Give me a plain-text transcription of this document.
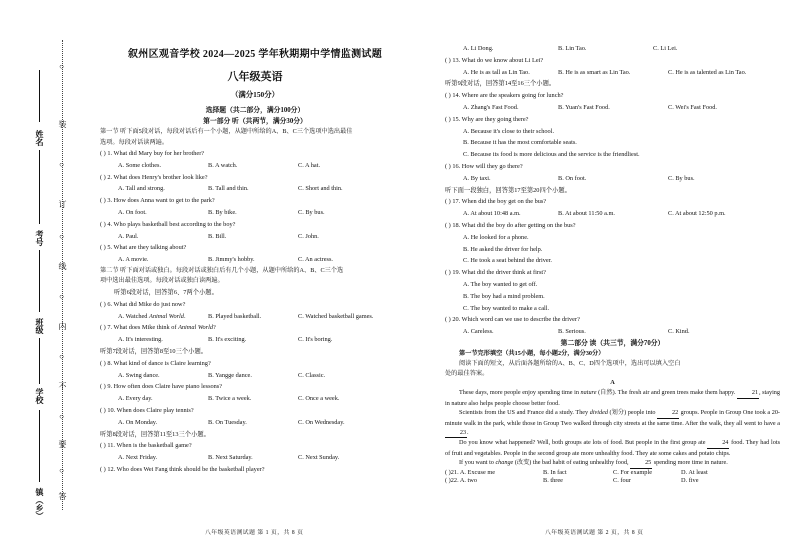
○
装
○
订
○
线
○
内
○
不
○
要
○
答
姓名
考号
班级
学校
镇（乡）
叙州区观音学校 2024—2025 学年秋期期中学情监测试题
八年级英语
（满分150分）
选择题（共二部分，满分100分）
第一部分 听（共两节，满分30分）
第一节 听下面5段对话，每段对话后有一个小题，从题中所给的A、B、C三个选项中选出最佳
选项。每段对话读两遍。
( ) 1. What did Mary buy for her brother?
A. Some clothes.	B. A watch.	C. A hat.
( ) 2. What does Henry's brother look like?
A. Tall and strong.	B. Tall and thin.	C. Short and thin.
( ) 3. How does Anna want to get to the park?
A. On foot.	B. By bike.	C. By bus.
( ) 4. Who plays basketball best according to the boy?
A. Paul.	B. Bill.	C. John.
( ) 5. What are they talking about?
A. A movie.	B. Jimmy's hobby.	C. An actress.
第二节 听下面对话或独白。每段对话或独白后有几个小题，从题中所给的A、B、C三个选
项中选出最佳选项。每段对话或独白读两遍。
听第6段对话，回答第6、7两个小题。
( ) 6. What did Mike do just now?
A. Watched Animal World.	B. Played basketball.	C. Watched basketball games.
( ) 7. What does Mike think of Animal World?
A. It's interesting.	B. It's exciting.	C. It's boring.
听第7段对话，回答第8至10三个小题。
( ) 8. What kind of dance is Claire learning?
A. Swing dance.	B. Yangge dance.	C. Classic.
( ) 9. How often does Claire have piano lessons?
A. Every day.	B. Twice a week.	C. Once a week.
( ) 10. When does Claire play tennis?
A. On Monday.	B. On Tuesday.	C. On Wednesday.
听第8段对话，回答第11至13三个小题。
( ) 11. When is the basketball game?
A. Next Friday.	B. Next Saturday.	C. Next Sunday.
( ) 12. Who does Wei Fang think should be the basketball player?
八年级英语测试题 第 1 页，共 8 页
A. Li Dong.	B. Lin Tao.	C. Li Lei.
( ) 13. What do we know about Li Lei?
A. He is as tall as Lin Tao.	B. He is as smart as Lin Tao.	C. He is as talented as Lin Tao.
听第9段对话，回答第14至16三个小题。
( ) 14. Where are the speakers going for lunch?
A. Zhang's Fast Food.	B. Yuan's Fast Food.	C. Wei's Fast Food.
( ) 15. Why are they going there?
A. Because it's close to their school.
B. Because it has the most comfortable seats.
C. Because its food is more delicious and the service is the friendliest.
( ) 16. How will they go there?
A. By taxi.	B. On foot.	C. By bus.
听下面一段独白，回答第17至第20四个小题。
( ) 17. When did the boy get on the bus?
A. At about 10:48 a.m.	B. At about 11:50 a.m.	C. At about 12:50 p.m.
( ) 18. What did the boy do after getting on the bus?
A. He looked for a phone.
B. He asked the driver for help.
C. He took a seat behind the driver.
( ) 19. What did the driver think at first?
A. The boy wanted to get off.
B. The boy had a mind problem.
C. The boy wanted to make a call.
( ) 20. Which word can we use to describe the driver?
A. Careless.	B. Serious.	C. Kind.
第二部分 读（共三节，满分70分）
第一节完形填空（共15小题，每小题2分，满分30分）
阅读下面的短文，从后面各题所给的A、B、C、D四个选项中，选出可以填入空白
处的最佳答案。
A

These days, more people enjoy spending time in nature (自然). The fresh air and green trees make them happy. 21, staying in nature also helps people choose better food.

Scientists from the US and France did a study. They divided (划分) people into 22 groups. People in Group One took a 20-minute walk in the park, while those in Group Two walked through city streets at the same time. After the walk, they all went to have a 23.

Do you know what happened? Well, both groups ate lots of food. But people in the first group ate 24 food. They had lots of fruit and vegetables. People in the second group ate more unhealthy food. They ate some cakes and potato chips.

If you want to change (改变) the bad habit of eating unhealthy food, 25 spending more time in nature.

( )21. A. Excuse me	B. In fact	C. For example	D. At least
( )22. A. two	B. three	C. four	D. five
八年级英语测试题 第 2 页，共 8 页
